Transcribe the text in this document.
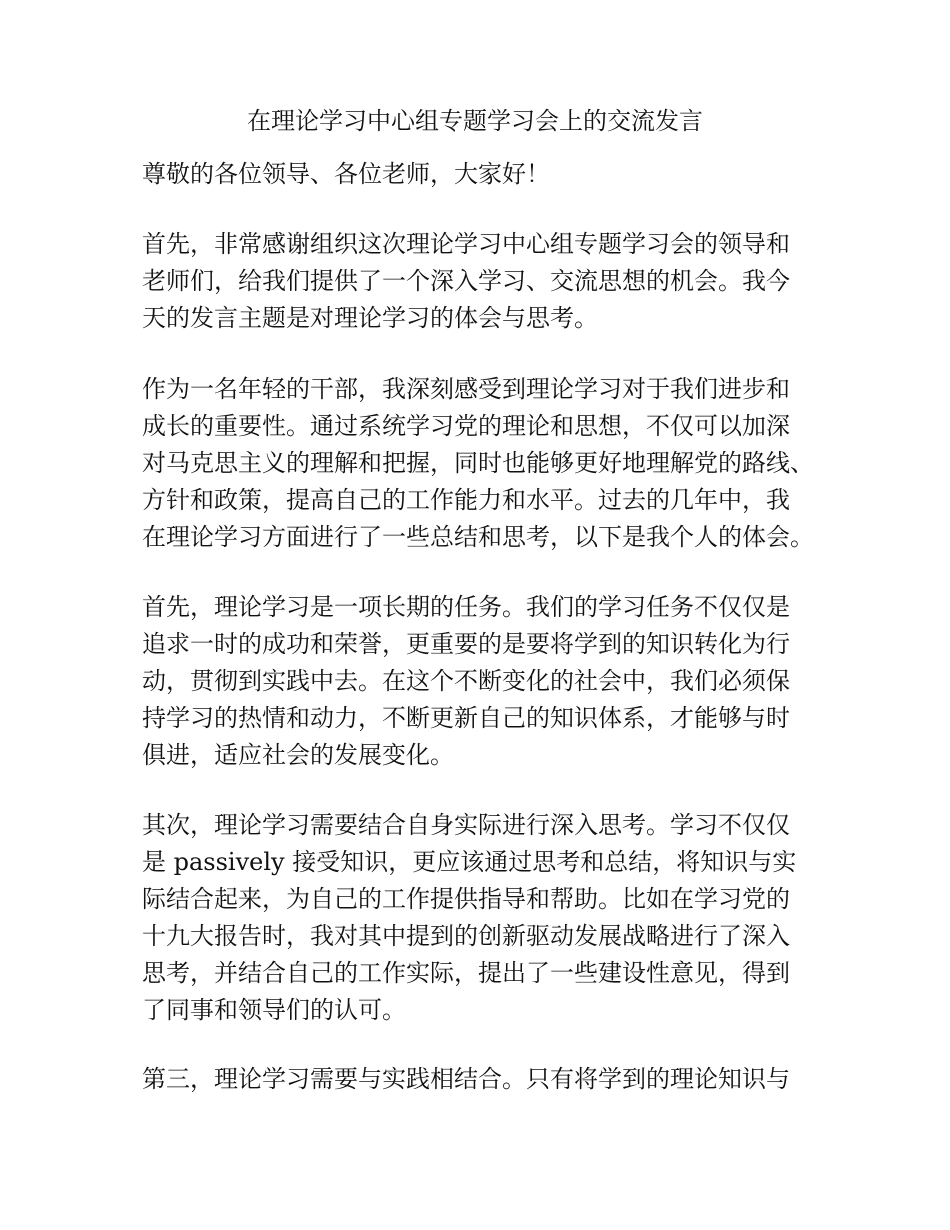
在理论学习中心组专题学习会上的交流发言
尊敬的各位领导、各位老师，大家好！
首先，非常感谢组织这次理论学习中心组专题学习会的领导和
老师们，给我们提供了一个深入学习、交流思想的机会。我今
天的发言主题是对理论学习的体会与思考。
作为一名年轻的干部，我深刻感受到理论学习对于我们进步和
成长的重要性。通过系统学习党的理论和思想，不仅可以加深
对马克思主义的理解和把握，同时也能够更好地理解党的路线、
方针和政策，提高自己的工作能力和水平。过去的几年中，我
在理论学习方面进行了一些总结和思考，以下是我个人的体会。
首先，理论学习是一项长期的任务。我们的学习任务不仅仅是
追求一时的成功和荣誉，更重要的是要将学到的知识转化为行
动，贯彻到实践中去。在这个不断变化的社会中，我们必须保
持学习的热情和动力，不断更新自己的知识体系，才能够与时
俱进，适应社会的发展变化。
其次，理论学习需要结合自身实际进行深入思考。学习不仅仅
是 passively 接受知识，更应该通过思考和总结，将知识与实
际结合起来，为自己的工作提供指导和帮助。比如在学习党的
十九大报告时，我对其中提到的创新驱动发展战略进行了深入
思考，并结合自己的工作实际，提出了一些建设性意见，得到
了同事和领导们的认可。
第三，理论学习需要与实践相结合。只有将学到的理论知识与
